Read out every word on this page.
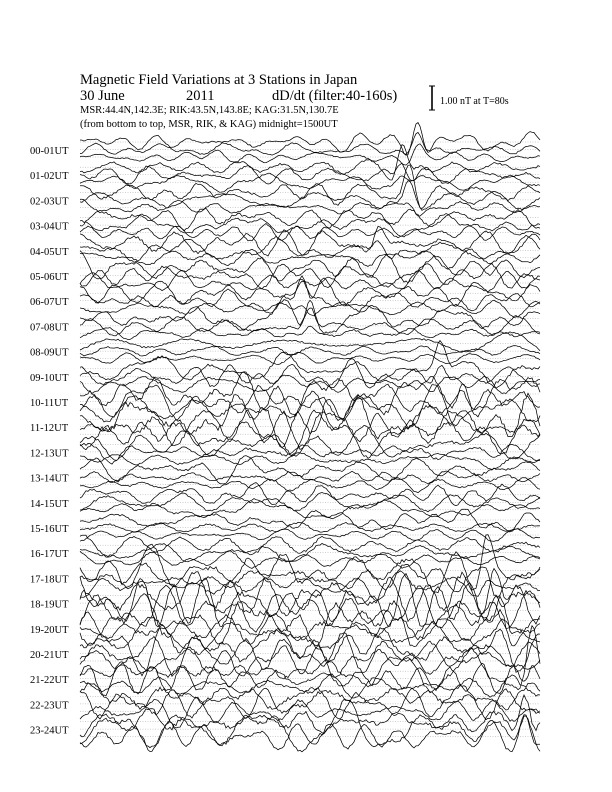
Magnetic Field Variations at 3 Stations in Japan
30 June	2011	dD/dt (filter:40-160s)
MSR:44.4N,142.3E; RIK:43.5N,143.8E; KAG:31.5N,130.7E
(from bottom to top, MSR, RIK, & KAG) midnight=1500UT
1.00 nT at T=80s
00-01UT
01-02UT
02-03UT
03-04UT
04-05UT
05-06UT
06-07UT
07-08UT
08-09UT
09-10UT
10-11UT
11-12UT
12-13UT
13-14UT
14-15UT
15-16UT
16-17UT
17-18UT
18-19UT
19-20UT
20-21UT
21-22UT
22-23UT
23-24UT
